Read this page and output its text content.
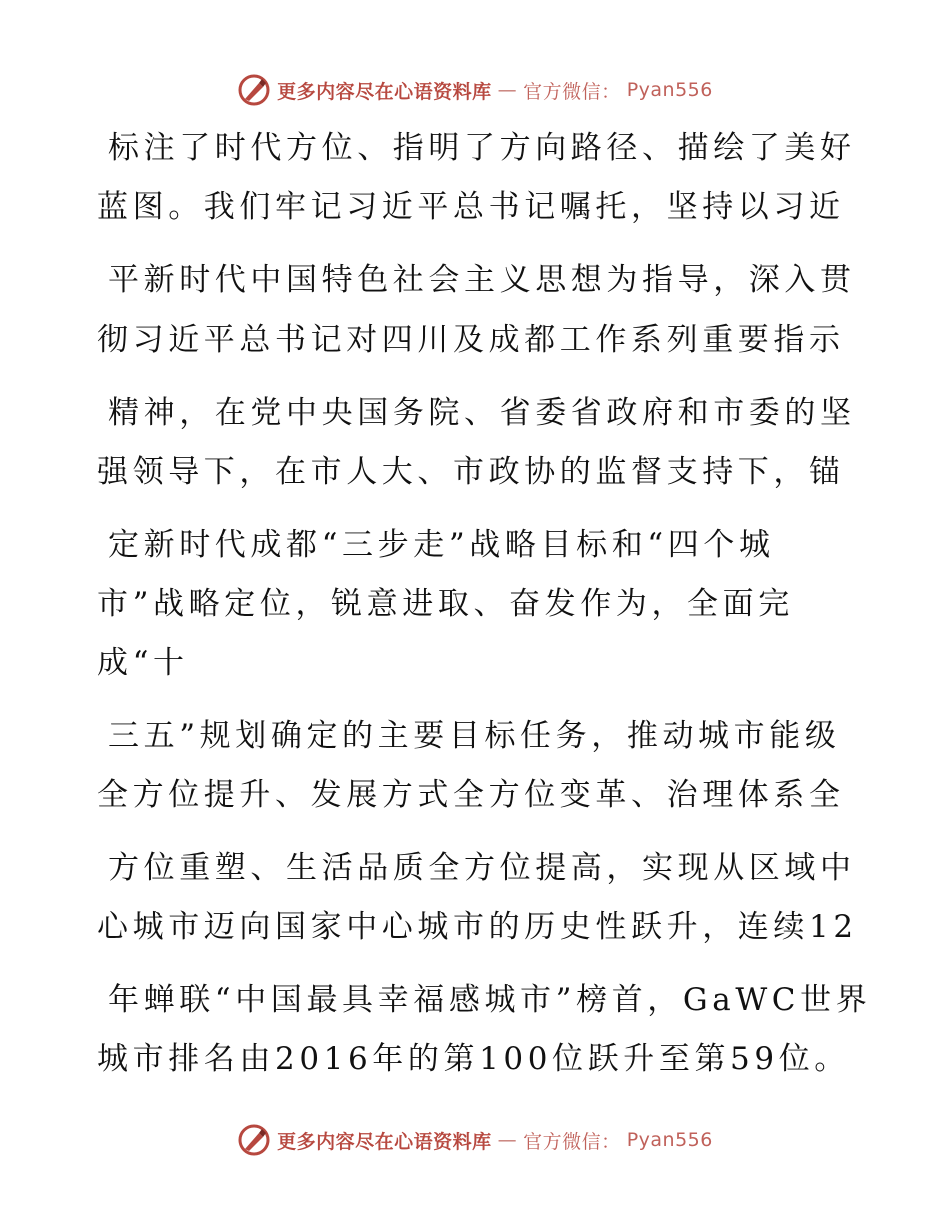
更多内容尽在心语资料库 — 官方微信： Pyan556
标注了时代方位、指明了方向路径、描绘了美好
蓝图。我们牢记习近平总书记嘱托，坚持以习近
平新时代中国特色社会主义思想为指导，深入贯
彻习近平总书记对四川及成都工作系列重要指示
精神，在党中央国务院、省委省政府和市委的坚
强领导下，在市人大、市政协的监督支持下，锚
定新时代成都“三步走”战略目标和“四个城
市”战略定位，锐意进取、奋发作为，全面完
成“十
三五”规划确定的主要目标任务，推动城市能级
全方位提升、发展方式全方位变革、治理体系全
方位重塑、生活品质全方位提高，实现从区域中
心城市迈向国家中心城市的历史性跃升，连续12
年蝉联“中国最具幸福感城市”榜首，GaWC世界
城市排名由2016年的第100位跃升至第59位。
更多内容尽在心语资料库 — 官方微信： Pyan556
